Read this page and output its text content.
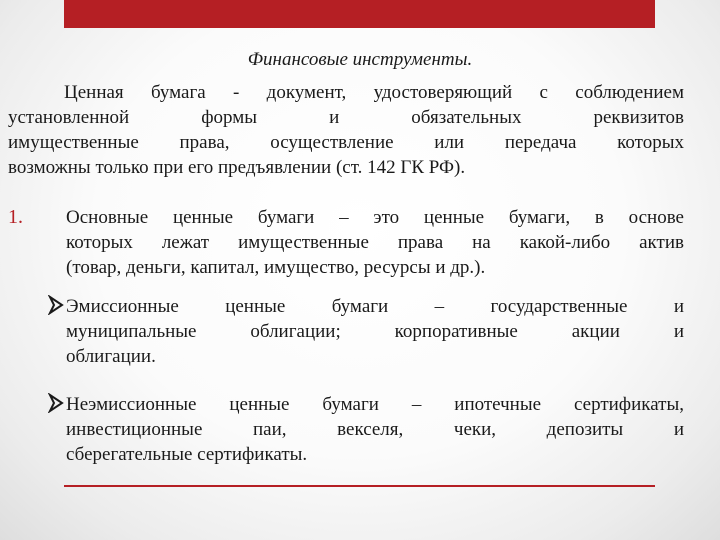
Финансовые инструменты.
Ценная бумага - документ, удостоверяющий с соблюдением
установленной формы и обязательных реквизитов
имущественные права, осуществление или передача которых
возможны только при его предъявлении (ст. 142 ГК РФ).
1. Основные ценные бумаги – это ценные бумаги, в основе
которых лежат имущественные права на какой-либо актив
(товар, деньги, капитал, имущество, ресурсы и др.).
Эмиссионные ценные бумаги – государственные и
муниципальные облигации; корпоративные акции и
облигации.
Неэмиссионные ценные бумаги – ипотечные сертификаты,
инвестиционные паи, векселя, чеки, депозиты и
сберегательные сертификаты.
